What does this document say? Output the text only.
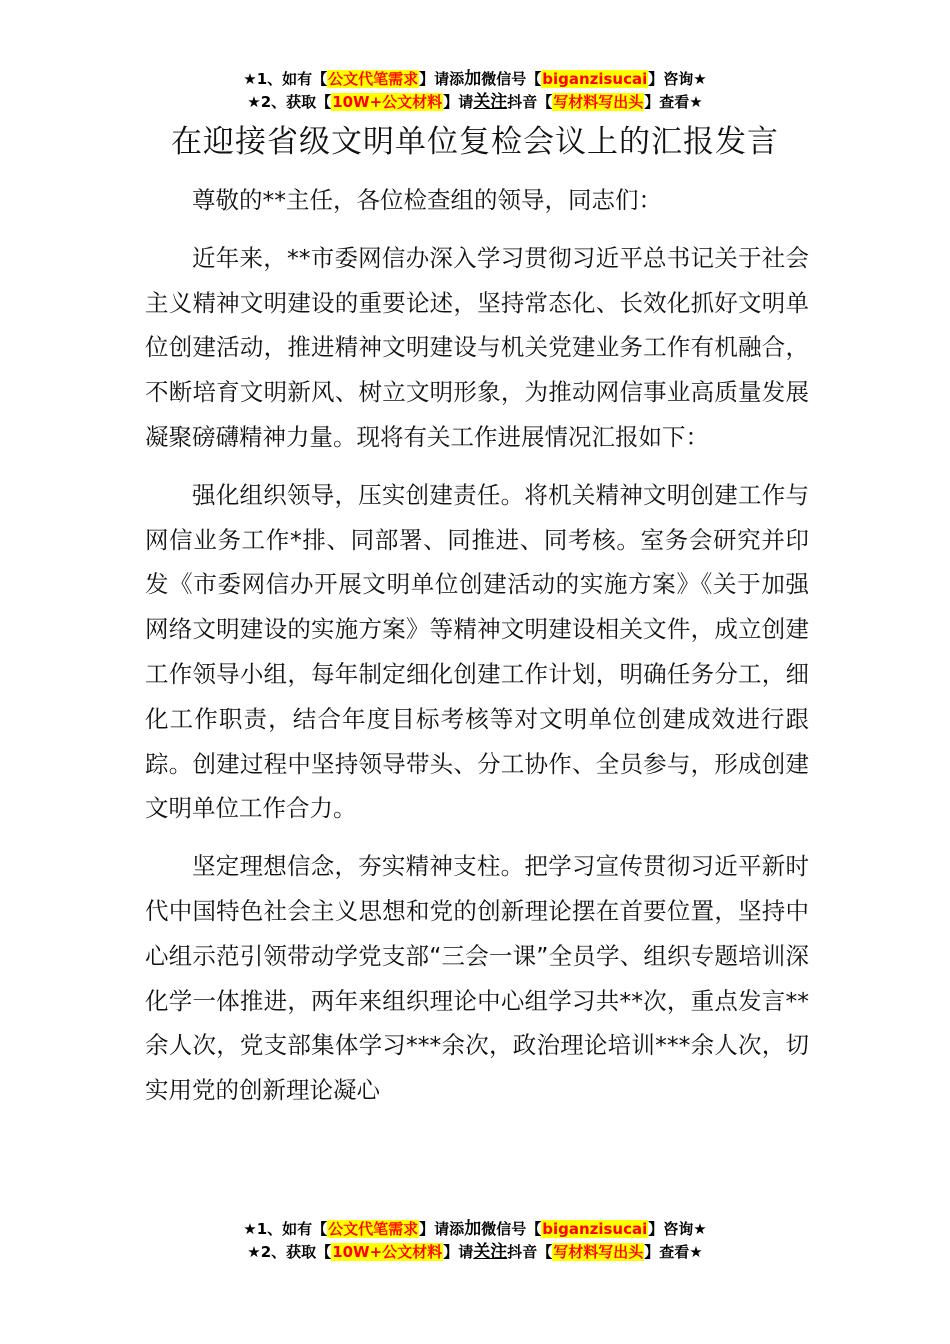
★1、如有【公文代笔需求】请添加微信号【biganzisucai】咨询★
★2、获取【10W+公文材料】请关注抖音【写材料写出头】查看★
在迎接省级文明单位复检会议上的汇报发言

尊敬的**主任，各位检查组的领导，同志们：

近年来，**市委网信办深入学习贯彻习近平总书记关于社会主义精神文明建设的重要论述，坚持常态化、长效化抓好文明单位创建活动，推进精神文明建设与机关党建业务工作有机融合，不断培育文明新风、树立文明形象，为推动网信事业高质量发展凝聚磅礴精神力量。现将有关工作进展情况汇报如下：

强化组织领导，压实创建责任。将机关精神文明创建工作与网信业务工作*排、同部署、同推进、同考核。室务会研究并印发《市委网信办开展文明单位创建活动的实施方案》《关于加强网络文明建设的实施方案》等精神文明建设相关文件，成立创建工作领导小组，每年制定细化创建工作计划，明确任务分工，细化工作职责，结合年度目标考核等对文明单位创建成效进行跟踪。创建过程中坚持领导带头、分工协作、全员参与，形成创建文明单位工作合力。

坚定理想信念，夯实精神支柱。把学习宣传贯彻习近平新时代中国特色社会主义思想和党的创新理论摆在首要位置，坚持中心组示范引领带动学党支部“三会一课”全员学、组织专题培训深化学一体推进，两年来组织理论中心组学习共**次，重点发言**余人次，党支部集体学习***余次，政治理论培训***余人次，切实用党的创新理论凝心

★1、如有【公文代笔需求】请添加微信号【biganzisucai】咨询★
★2、获取【10W+公文材料】请关注抖音【写材料写出头】查看★
